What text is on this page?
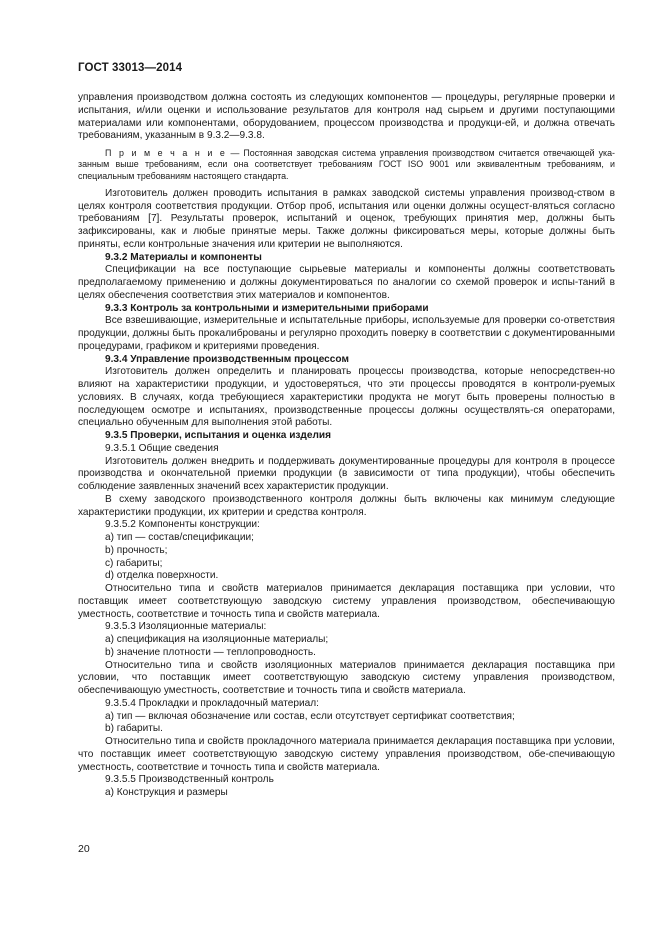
ГОСТ 33013—2014

управления производством должна состоять из следующих компонентов — процедуры, регулярные проверки и испытания, и/или оценки и использование результатов для контроля над сырьем и другими поступающими материалами или компонентами, оборудованием, процессом производства и продукци-ей, и должна отвечать требованиям, указанным в 9.3.2—9.3.8.

П р и м е ч а н и е — Постоянная заводская система управления производством считается отвечающей ука-занным выше требованиям, если она соответствует требованиям ГОСТ ISO 9001 или эквивалентным требованиям, и специальным требованиям настоящего стандарта.

Изготовитель должен проводить испытания в рамках заводской системы управления производ-ством в целях контроля соответствия продукции. Отбор проб, испытания или оценки должны осущест-вляться согласно требованиям [7]. Результаты проверок, испытаний и оценок, требующих принятия мер, должны быть зафиксированы, как и любые принятые меры. Также должны фиксироваться меры, которые должны быть приняты, если контрольные значения или критерии не выполняются.

9.3.2 Материалы и компоненты

Спецификации на все поступающие сырьевые материалы и компоненты должны соответствовать предполагаемому применению и должны документироваться по аналогии со схемой проверок и испы-таний в целях обеспечения соответствия этих материалов и компонентов.

9.3.3 Контроль за контрольными и измерительными приборами

Все взвешивающие, измерительные и испытательные приборы, используемые для проверки со-ответствия продукции, должны быть прокалиброваны и регулярно проходить поверку в соответствии с документированными процедурами, графиком и критериями проведения.

9.3.4 Управление производственным процессом

Изготовитель должен определить и планировать процессы производства, которые непосредствен-но влияют на характеристики продукции, и удостоверяться, что эти процессы проводятся в контроли-руемых условиях. В случаях, когда требующиеся характеристики продукта не могут быть проверены полностью в последующем осмотре и испытаниях, производственные процессы должны осуществлять-ся операторами, специально обученным для выполнения этой работы.

9.3.5 Проверки, испытания и оценка изделия

9.3.5.1 Общие сведения

Изготовитель должен внедрить и поддерживать документированные процедуры для контроля в процессе производства и окончательной приемки продукции (в зависимости от типа продукции), чтобы обеспечить соблюдение заявленных значений всех характеристик продукции.

В схему заводского производственного контроля должны быть включены как минимум следующие характеристики продукции, их критерии и средства контроля.

9.3.5.2 Компоненты конструкции:

а) тип — состав/спецификации;

b) прочность;

с) габариты;

d) отделка поверхности.

Относительно типа и свойств материалов принимается декларация поставщика при условии, что поставщик имеет соответствующую заводскую систему управления производством, обеспечивающую уместность, соответствие и точность типа и свойств материала.

9.3.5.3 Изоляционные материалы:

а) спецификация на изоляционные материалы;

b) значение плотности — теплопроводность.

Относительно типа и свойств изоляционных материалов принимается декларация поставщика при условии, что поставщик имеет соответствующую заводскую систему управления производством, обеспечивающую уместность, соответствие и точность типа и свойств материала.

9.3.5.4 Прокладки и прокладочный материал:

а) тип — включая обозначение или состав, если отсутствует сертификат соответствия;

b) габариты.

Относительно типа и свойств прокладочного материала принимается декларация поставщика при условии, что поставщик имеет соответствующую заводскую систему управления производством, обе-спечивающую уместность, соответствие и точность типа и свойств материала.

9.3.5.5 Производственный контроль

а) Конструкция и размеры

20
